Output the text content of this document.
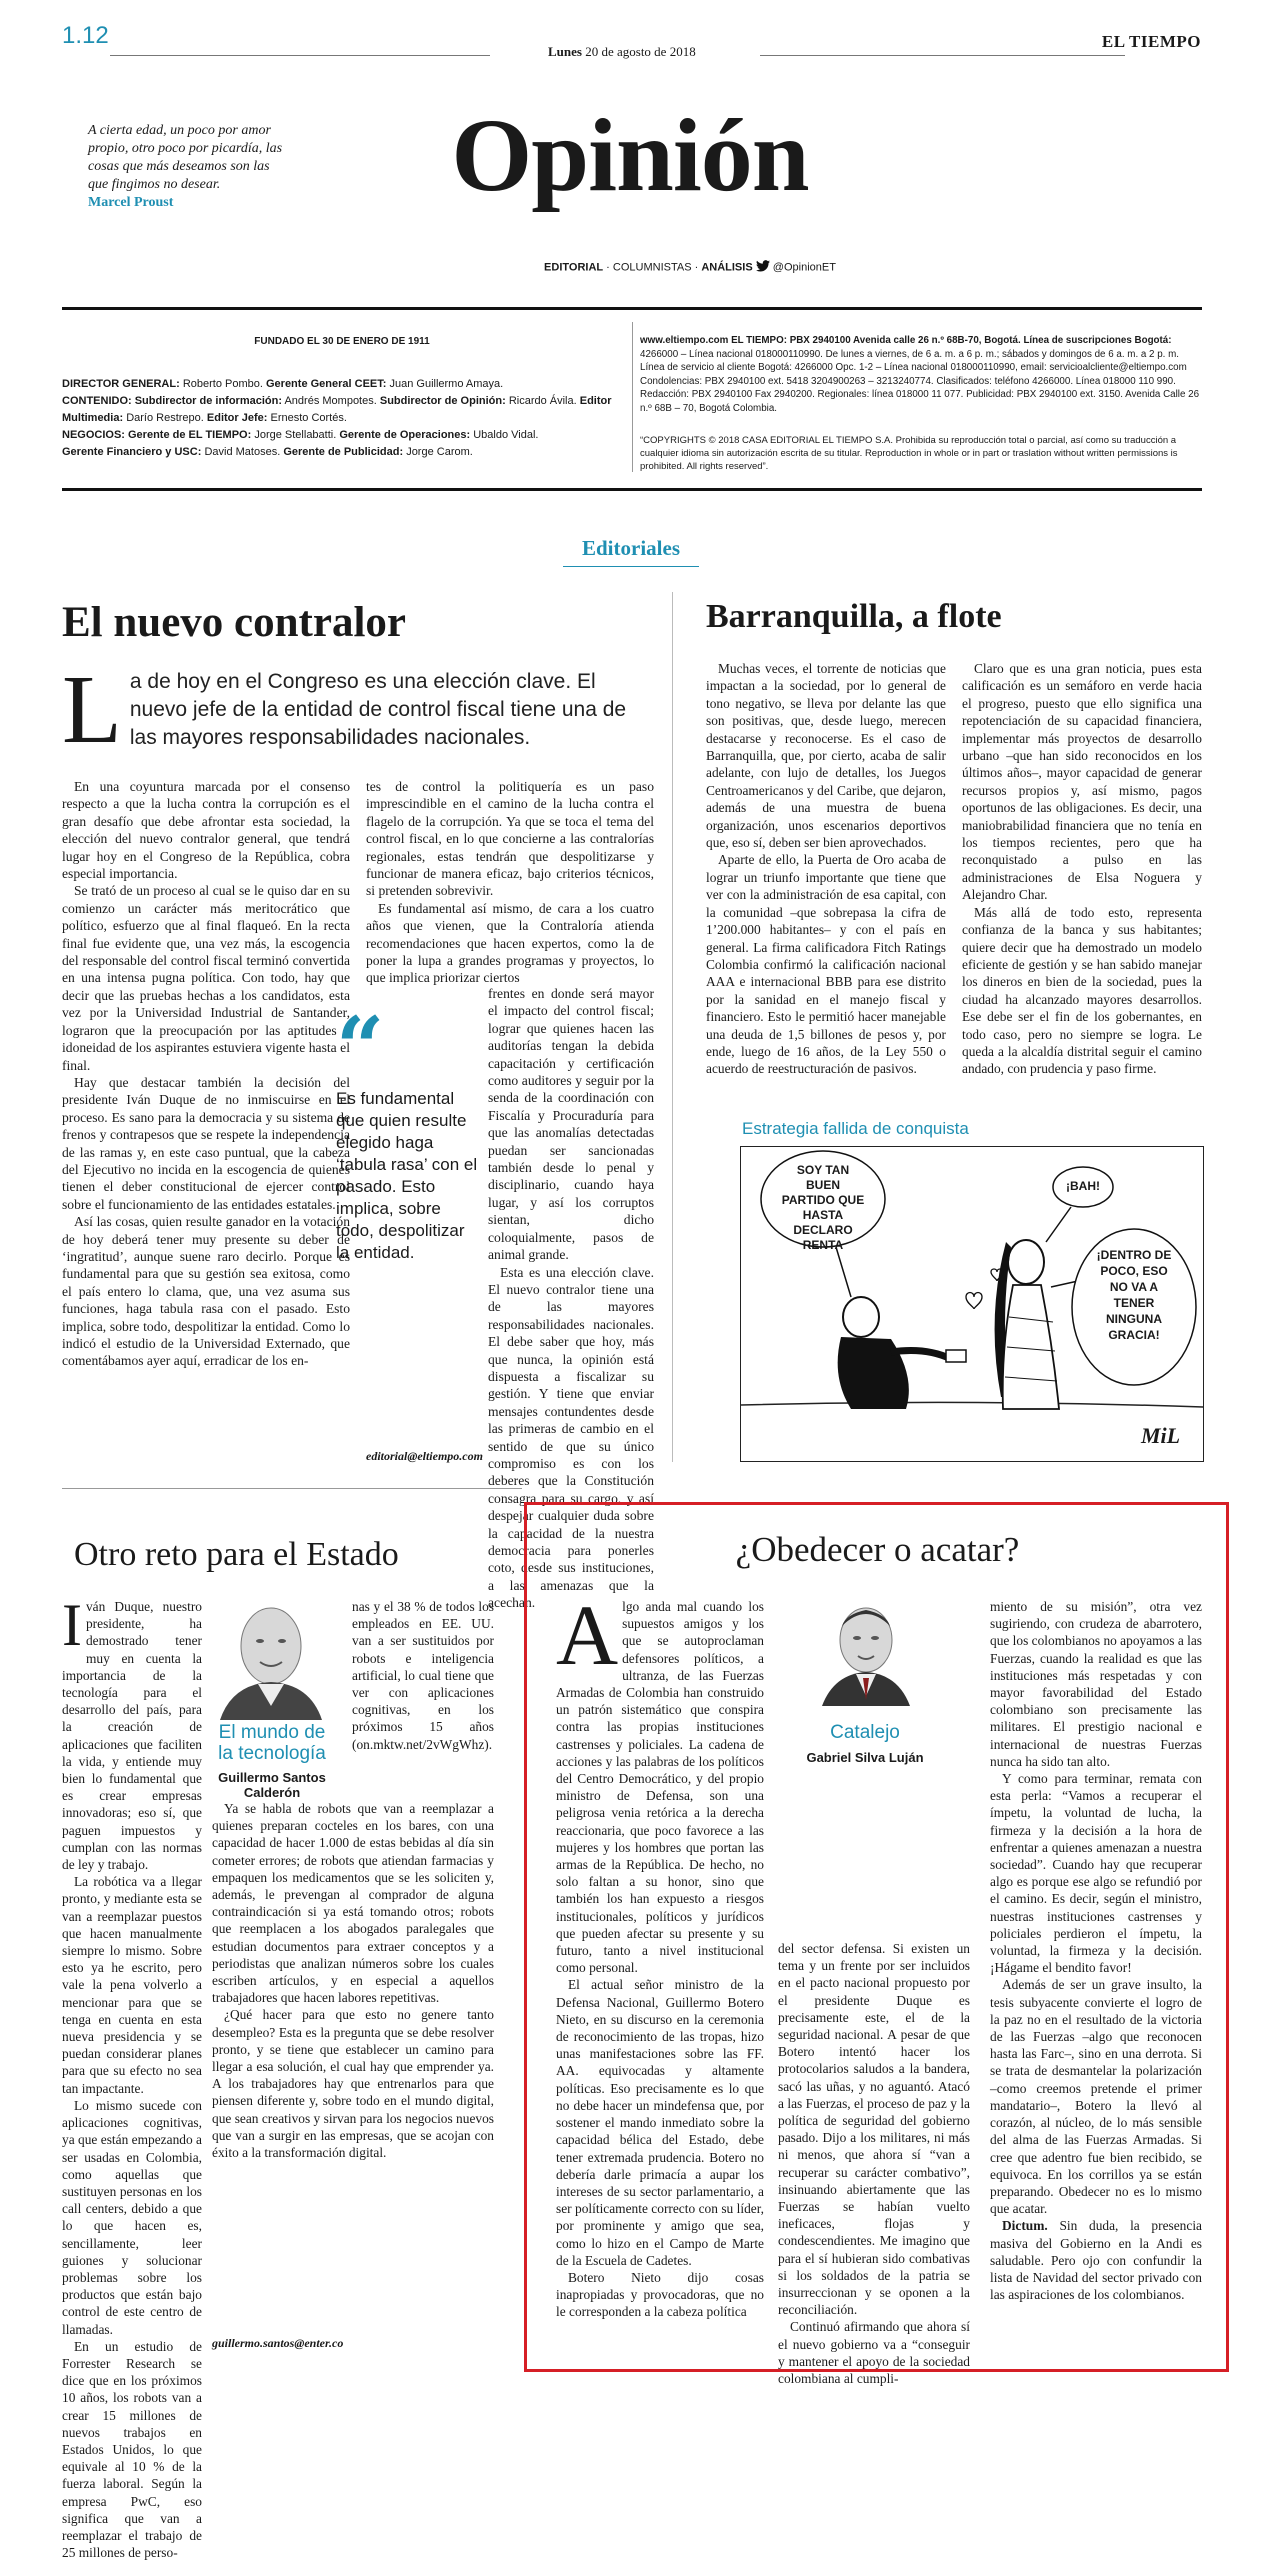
1.12
Lunes 20 de agosto de 2018
EL TIEMPO
A cierta edad, un poco por amor propio, otro poco por picardía, las cosas que más deseamos son las que fingimos no desear.
Marcel Proust	Opinión
EDITORIAL · COLUMNISTAS · ANÁLISIS @OpinionET
FUNDADO EL 30 DE ENERO DE 1911
DIRECTOR GENERAL: Roberto Pombo. Gerente General CEET: Juan Guillermo Amaya.
CONTENIDO: Subdirector de información: Andrés Mompotes. Subdirector de Opinión: Ricardo Ávila. Editor Multimedia: Darío Restrepo. Editor Jefe: Ernesto Cortés.
NEGOCIOS: Gerente de EL TIEMPO: Jorge Stellabatti. Gerente de Operaciones: Ubaldo Vidal.
Gerente Financiero y USC: David Matoses. Gerente de Publicidad: Jorge Carom.
www.eltiempo.com EL TIEMPO: PBX 2940100 Avenida calle 26 n.º 68B-70, Bogotá. Línea de suscripciones Bogotá: 4266000 – Línea nacional 018000110990. De lunes a viernes, de 6 a. m. a 6 p. m.; sábados y domingos de 6 a. m. a 2 p. m. Línea de servicio al cliente Bogotá: 4266000 Opc. 1-2 – Línea nacional 018000110990, email: servicioalcliente@eltiempo.com Condolencias: PBX 2940100 ext. 5418 3204900263 – 3213240774. Clasificados: teléfono 4266000. Línea 018000 110 990. Redacción: PBX 2940100 Fax 2940200. Regionales: línea 018000 11 077. Publicidad: PBX 2940100 ext. 3150. Avenida Calle 26 n.º 68B – 70, Bogotá Colombia.
“COPYRIGHTS © 2018 CASA EDITORIAL EL TIEMPO S.A. Prohibida su reproducción total o parcial, así como su traducción a cualquier idioma sin autorización escrita de su titular. Reproduction in whole or in part or traslation without written permissions is prohibited. All rights reserved”.
Editoriales
El nuevo contralor
L a de hoy en el Congreso es una elección clave. El nuevo jefe de la entidad de control fiscal tiene una de las mayores responsabilidades nacionales.

En una coyuntura marcada por el consenso respecto a que la lucha contra la corrupción es el gran desafío que debe afrontar esta sociedad, la elección del nuevo contralor general, que tendrá lugar hoy en el Congreso de la República, cobra especial importancia.

Se trató de un proceso al cual se le quiso dar en su comienzo un carácter más meritocrático que político, esfuerzo que al final flaqueó. En la recta final fue evidente que, una vez más, la escogencia del responsable del control fiscal terminó convertida en una intensa pugna política. Con todo, hay que decir que las pruebas hechas a los candidatos, esta vez por la Universidad Industrial de Santander, lograron que la preocupación por las aptitudes e idoneidad de los aspirantes estuviera vigente hasta el final.

Hay que destacar también la decisión del presidente Iván Duque de no inmiscuirse en el proceso. Es sano para la democracia y su sistema de frenos y contrapesos que se respete la independencia de las ramas y, en este caso puntual, que la cabeza del Ejecutivo no incida en la escogencia de quienes tienen el deber constitucional de ejercer control sobre el funcionamiento de las entidades estatales.

Así las cosas, quien resulte ganador en la votación de hoy deberá tener muy presente su deber de ‘ingratitud’, aunque suene raro decirlo. Porque es fundamental para que su gestión sea exitosa, como el país entero lo clama, que, una vez asuma sus funciones, haga tabula rasa con el pasado. Esto implica, sobre todo, despolitizar la entidad. Como lo indicó el estudio de la Universidad Externado, que comentábamos ayer aquí, erradicar de los en-

tes de control la politiquería es un paso imprescindible en el camino de la lucha contra el flagelo de la corrupción. Ya que se toca el tema del control fiscal, en lo que concierne a las contralorías regionales, estas tendrán que despolitizarse y funcionar de manera eficaz, bajo criterios técnicos, si pretenden sobrevivir.

Es fundamental así mismo, de cara a los cuatro años que vienen, que la Contraloría atienda recomendaciones que hacen expertos, como la de poner la lupa a grandes programas y proyectos, lo que implica priorizar ciertos

“
Es fundamental que quien resulte elegido haga ‘tabula rasa’ con el pasado. Esto implica, sobre todo, despolitizar la entidad.

frentes en donde será mayor el impacto del control fiscal; lograr que quienes hacen las auditorías tengan la debida capacitación y certificación como auditores y seguir por la senda de la coordinación con Fiscalía y Procuraduría para que las anomalías detectadas puedan ser sancionadas también desde lo penal y disciplinario, cuando haya lugar, y así los corruptos sientan, dicho coloquialmente, pasos de animal grande.

Esta es una elección clave. El nuevo contralor tiene una de las mayores responsabilidades nacionales. El debe saber que hoy, más que nunca, la opinión está dispuesta a fiscalizar su gestión. Y tiene que enviar mensajes contundentes desde las primeras de cambio en el sentido de que su único compromiso es con los deberes que la Constitución consagra para su cargo, y así despejar cualquier duda sobre la capacidad de la nuestra democracia para ponerles coto, desde sus instituciones, a las amenazas que la acechan.

editorial@eltiempo.com
Barranquilla, a flote

Muchas veces, el torrente de noticias que impactan a la sociedad, por lo general de tono negativo, se lleva por delante las que son positivas, que, desde luego, merecen destacarse y reconocerse. Es el caso de Barranquilla, que, por cierto, acaba de salir adelante, con lujo de detalles, los Juegos Centroamericanos y del Caribe, que dejaron, además de una muestra de buena organización, unos escenarios deportivos que, eso sí, deben ser bien aprovechados.

Aparte de ello, la Puerta de Oro acaba de lograr un triunfo importante que tiene que ver con la administración de esa capital, con la comunidad –que sobrepasa la cifra de 1’200.000 habitantes– y con el país en general. La firma calificadora Fitch Ratings Colombia confirmó la calificación nacional AAA e internacional BBB para ese distrito por la sanidad en el manejo fiscal y financiero. Esto le permitió hacer manejable una deuda de 1,5 billones de pesos y, por ende, luego de 16 años, de la Ley 550 o acuerdo de reestructuración de pasivos.

Claro que es una gran noticia, pues esta calificación es un semáforo en verde hacia el progreso, puesto que ello significa una repotenciación de su capacidad financiera, implementar más proyectos de desarrollo urbano –que han sido reconocidos en los últimos años–, mayor capacidad de generar recursos propios y, así mismo, pagos oportunos de las obligaciones. Es decir, una maniobrabilidad financiera que no tenía en los tiempos recientes, pero que ha reconquistado a pulso en las administraciones de Elsa Noguera y Alejandro Char.

Más allá de todo esto, representa confianza de la banca y sus habitantes; quiere decir que ha demostrado un modelo eficiente de gestión y se han sabido manejar los dineros en bien de la sociedad, pues la ciudad ha alcanzado mayores desarrollos. Ese debe ser el fin de los gobernantes, en todo caso, pero no siempre se logra. Le queda a la alcaldía distrital seguir el camino andado, con prudencia y paso firme.

Estrategia fallida de conquista
SOY TAN BUEN PARTIDO QUE HASTA DECLARO RENTA
¡BAH!
¡DENTRO DE POCO, ESO NO VA A TENER NINGUNA GRACIA!
MiL
Otro reto para el Estado

Iván Duque, nuestro presidente, ha demostrado tener muy en cuenta la importancia de la tecnología para el desarrollo del país, para la creación de aplicaciones que faciliten la vida, y entiende muy bien lo fundamental que es crear empresas innovadoras; eso sí, que paguen impuestos y cumplan con las normas de ley y trabajo.

La robótica va a llegar pronto, y mediante esta se van a reemplazar puestos que hacen manualmente siempre lo mismo. Sobre esto ya he escrito, pero vale la pena volverlo a mencionar para que se tenga en cuenta en esta nueva presidencia y se puedan considerar planes para que su efecto no sea tan impactante.

Lo mismo sucede con aplicaciones cognitivas, ya que están empezando a ser usadas en Colombia, como aquellas que sustituyen personas en los call centers, debido a que lo que hacen es, sencillamente, leer guiones y solucionar problemas sobre los productos que están bajo control de este centro de llamadas.

En un estudio de Forrester Research se dice que en los próximos 10 años, los robots van a crear 15 millones de nuevos trabajos en Estados Unidos, lo que equivale al 10 % de la fuerza laboral. Según la empresa PwC, eso significa que van a reemplazar el trabajo de 25 millones de perso-

El mundo de la tecnología
Guillermo Santos Calderón
nas y el 38 % de todos los empleados en EE. UU. van a ser sustituidos por robots e inteligencia artificial, lo cual tiene que ver con aplicaciones cognitivas, en los próximos 15 años (on.mktw.net/2vWgWhz).

Ya se habla de robots que van a reemplazar a quienes preparan cocteles en los bares, con una capacidad de hacer 1.000 de estas bebidas al día sin cometer errores; de robots que atiendan farmacias y empaquen los medicamentos que se les soliciten y, además, le prevengan al comprador de alguna contraindicación si ya está tomando otros; robots que reemplacen a los abogados paralegales que estudian documentos para extraer conceptos y a periodistas que analizan números sobre los cuales escriben artículos, y en especial a aquellos trabajadores que hacen labores repetitivas.

¿Qué hacer para que esto no genere tanto desempleo? Esta es la pregunta que se debe resolver pronto, y se tiene que establecer un camino para llegar a esa solución, el cual hay que emprender ya. A los trabajadores hay que entrenarlos para que piensen diferente y, sobre todo en el mundo digital, que sean creativos y sirvan para los negocios nuevos que van a surgir en las empresas, que se acojan con éxito a la transformación digital.

guillermo.santos@enter.co
¿Obedecer o acatar?

Algo anda mal cuando los supuestos amigos y los que se autoproclaman defensores políticos, a ultranza, de las Fuerzas Armadas de Colombia han construido un patrón sistemático que conspira contra las propias instituciones castrenses y policiales. La cadena de acciones y las palabras de los políticos del Centro Democrático, y del propio ministro de Defensa, son una peligrosa venia retórica a la derecha reaccionaria, que poco favorece a las mujeres y los hombres que portan las armas de la República. De hecho, no solo faltan a su honor, sino que también los han expuesto a riesgos institucionales, políticos y jurídicos que pueden afectar su presente y su futuro, tanto a nivel institucional como personal.

El actual señor ministro de la Defensa Nacional, Guillermo Botero Nieto, en su discurso en la ceremonia de reconocimiento de las tropas, hizo unas manifestaciones sobre las FF. AA. equivocadas y altamente políticas. Eso precisamente es lo que no debe hacer un mindefensa que, por sostener el mando inmediato sobre la capacidad bélica del Estado, debe tener extremada prudencia. Botero no debería darle primacía a aupar los intereses de su sector parlamentario, a ser políticamente correcto con su líder, por prominente y amigo que sea, como lo hizo en el Campo de Marte de la Escuela de Cadetes.

Botero Nieto dijo cosas inapropiadas y provocadoras, que no le corresponden a la cabeza política

Catalejo
Gabriel Silva Luján

del sector defensa. Si existen un tema y un frente por ser incluidos en el pacto nacional propuesto por el presidente Duque es precisamente este, el de la seguridad nacional. A pesar de que Botero intentó hacer los protocolarios saludos a la bandera, sacó las uñas, y no aguantó. Atacó a las Fuerzas, el proceso de paz y la política de seguridad del gobierno pasado. Dijo a los militares, ni más ni menos, que ahora sí “van a recuperar su carácter combativo”, insinuando abiertamente que las Fuerzas se habían vuelto ineficaces, flojas y condescendientes. Me imagino que para el sí hubieran sido combativas si los soldados de la patria se insurreccionan y se oponen a la reconciliación.

Continuó afirmando que ahora sí el nuevo gobierno va a “conseguir y mantener el apoyo de la sociedad colombiana al cumpli-

miento de su misión”, otra vez sugiriendo, con crudeza de abarrotero, que los colombianos no apoyamos a las Fuerzas, cuando la realidad es que las instituciones más respetadas y con mayor favorabilidad del Estado colombiano son precisamente las militares. El prestigio nacional e internacional de nuestras Fuerzas nunca ha sido tan alto.

Y como para terminar, remata con esta perla: “Vamos a recuperar el ímpetu, la voluntad de lucha, la firmeza y la decisión a la hora de enfrentar a quienes amenazan a nuestra sociedad”. Cuando hay que recuperar algo es porque ese algo se refundió por el camino. Es decir, según el ministro, nuestras instituciones castrenses y policiales perdieron el ímpetu, la voluntad, la firmeza y la decisión. ¡Hágame el bendito favor!

Además de ser un grave insulto, la tesis subyacente convierte el logro de la paz no en el resultado de la victoria de las Fuerzas –algo que reconocen hasta las Farc–, sino en una derrota. Si se trata de desmantelar la polarización –como creemos pretende el primer mandatario–, Botero la llevó al corazón, al núcleo, de lo más sensible del alma de las Fuerzas Armadas. Si cree que adentro fue bien recibido, se equivoca. En los corrillos ya se están preparando. Obedecer no es lo mismo que acatar.

Dictum. Sin duda, la presencia masiva del Gobierno en la Andi es saludable. Pero ojo con confundir la lista de Navidad del sector privado con las aspiraciones de los colombianos.
